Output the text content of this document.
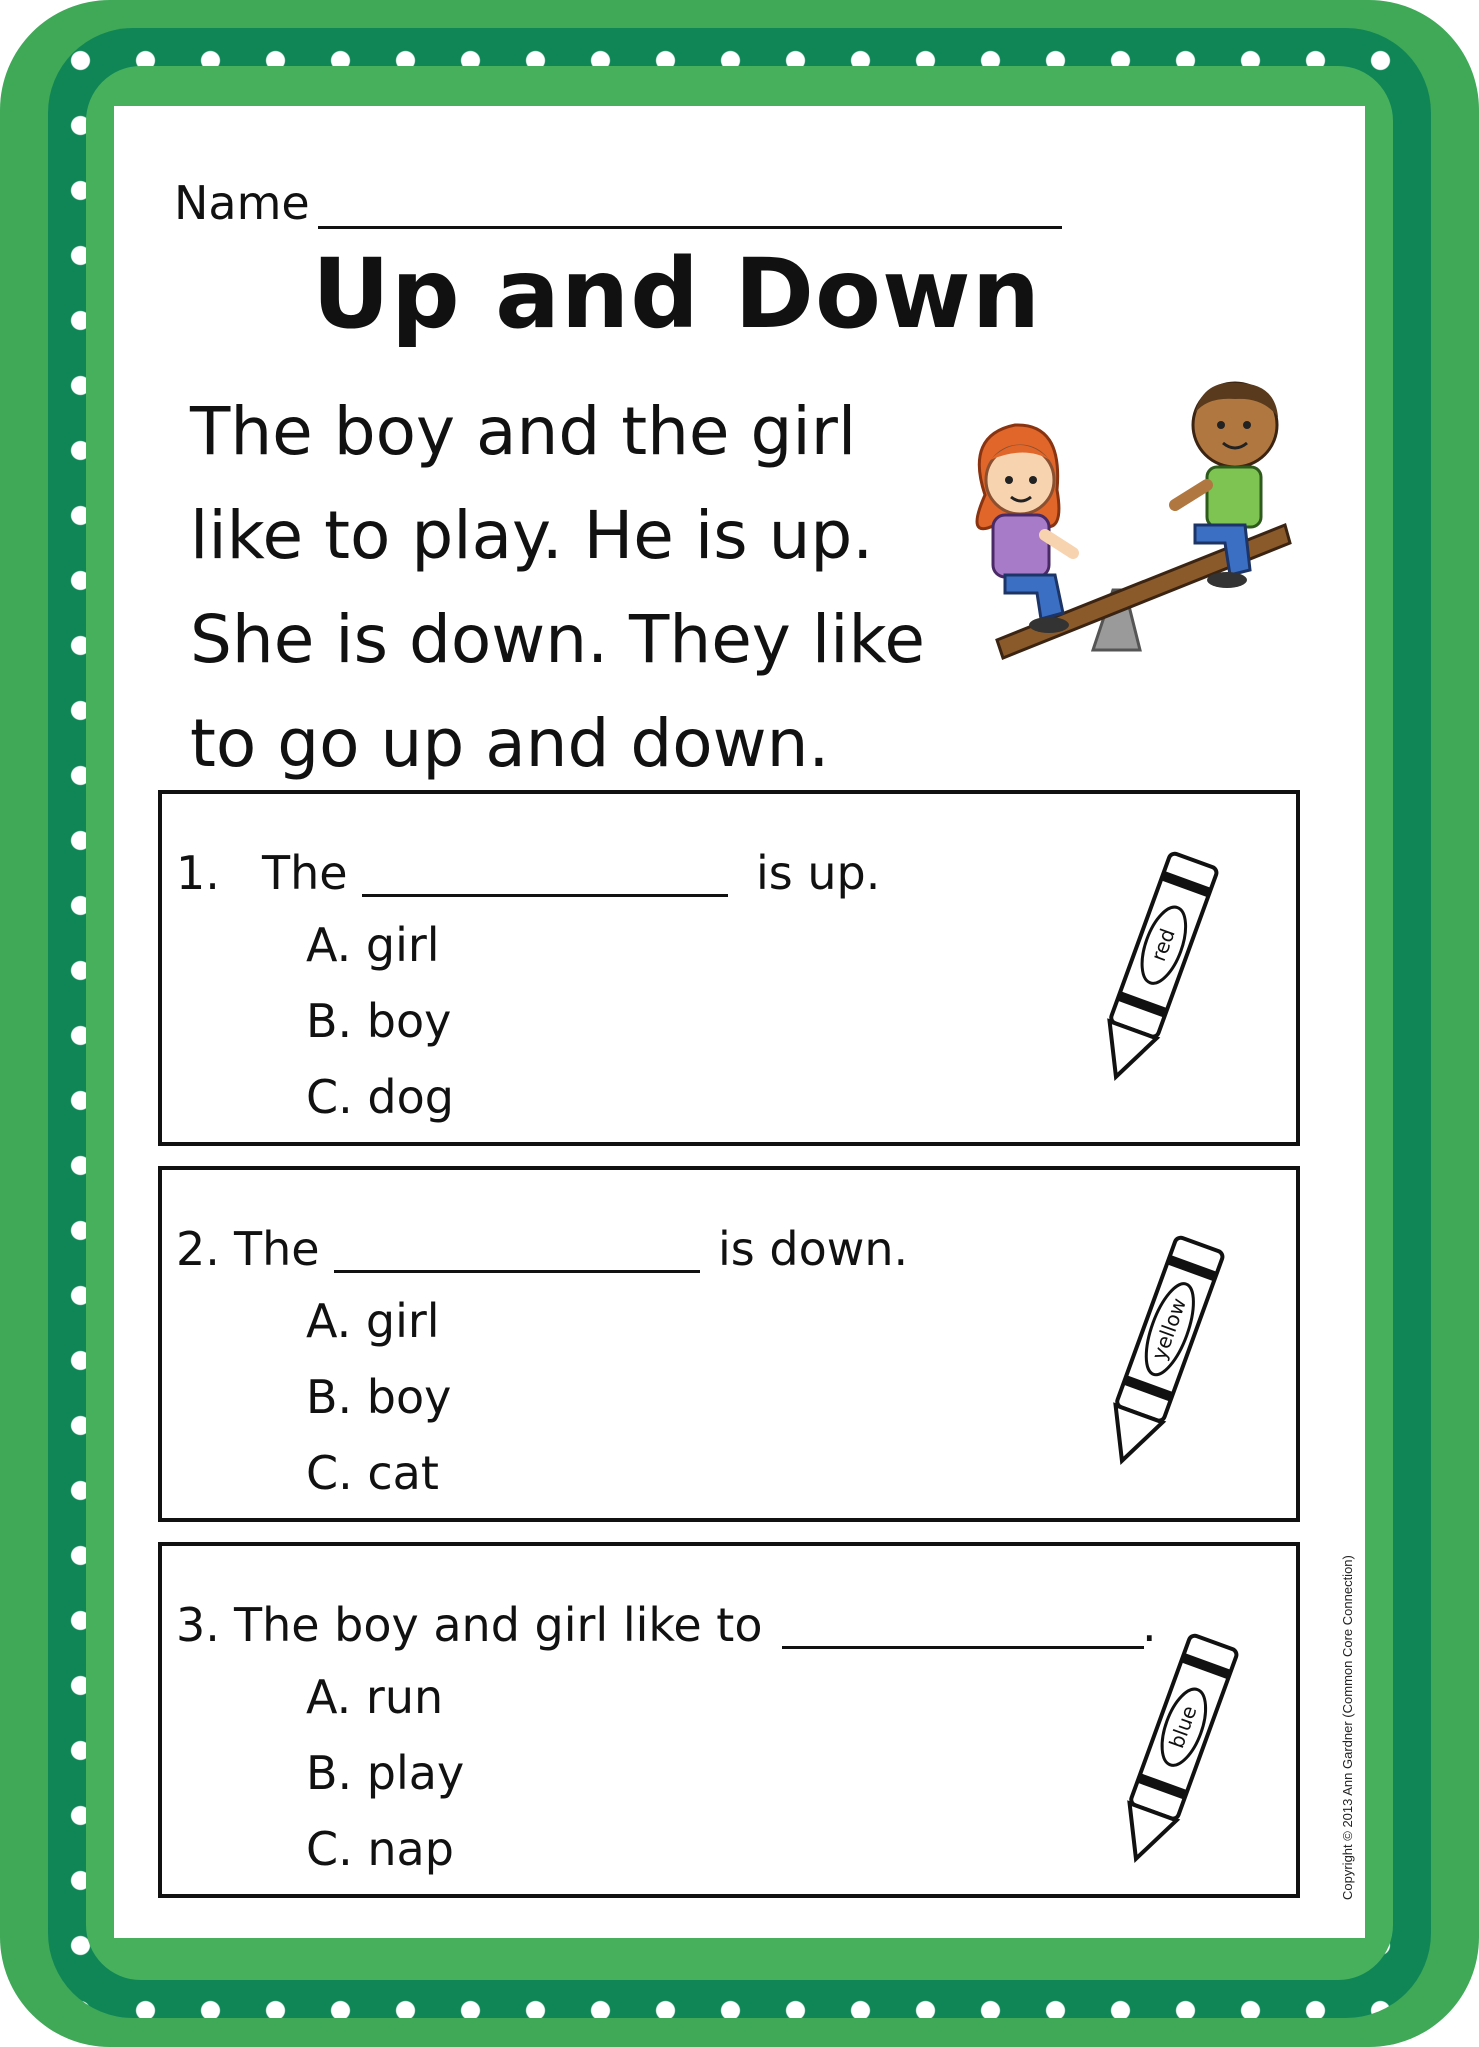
Name
Up and Down
The boy and the girl
like to play. He is up.
She is down. They like
to go up and down.
1. The	is up.
A. girl
B. boy
C. dog
red
2. The	is down.
A. girl
B. boy
C. cat
yellow
3. The boy and girl like to	.
A. run
B. play
C. nap
blue	Copyright © 2013 Ann Gardner (Common Core Connection)
